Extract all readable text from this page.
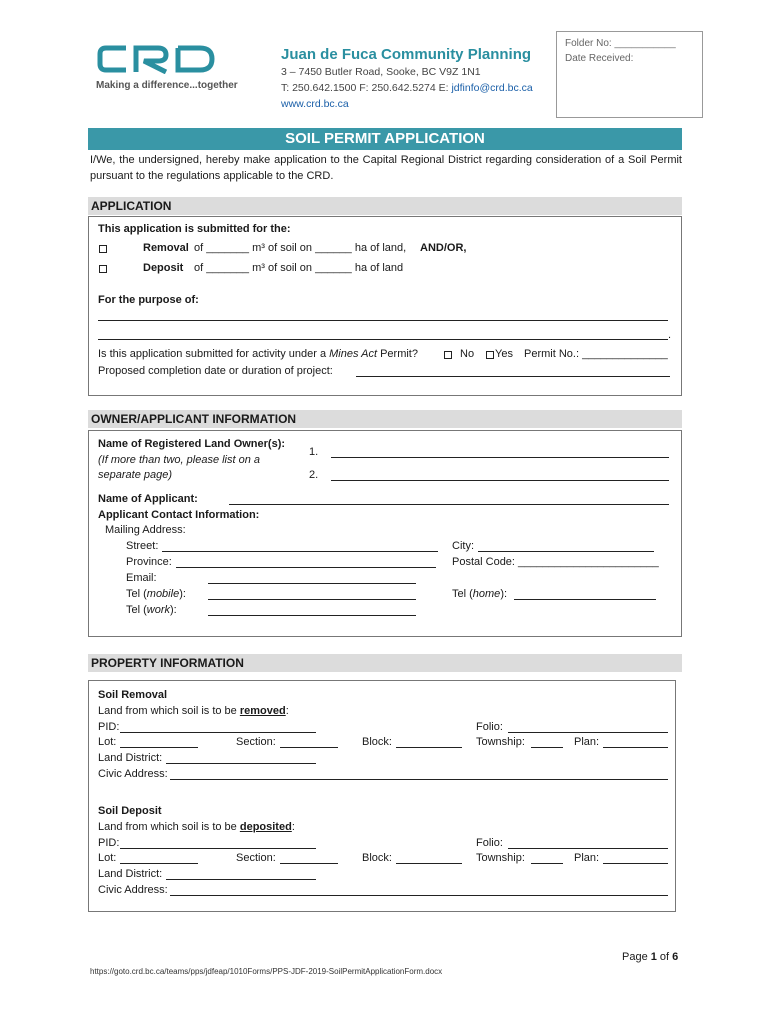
Making a difference...together
Juan de Fuca Community Planning
3 – 7450 Butler Road, Sooke, BC V9Z 1N1
T: 250.642.1500 F: 250.642.5274 E: jdfinfo@crd.bc.ca
www.crd.bc.ca
Folder No: ___________
Date Received:
SOIL PERMIT APPLICATION
I/We, the undersigned, hereby make application to the Capital Regional District regarding consideration of a Soil Permit pursuant to the regulations applicable to the CRD.
APPLICATION
This application is submitted for the:
Removal of _______ m³ of soil on ______ ha of land, AND/OR,
Deposit of _______ m³ of soil on ______ ha of land
For the purpose of:
.
Is this application submitted for activity under a Mines Act Permit?	No Yes Permit No.: ______________
Proposed completion date or duration of project:
OWNER/APPLICANT INFORMATION
Name of Registered Land Owner(s):
(If more than two, please list on a
separate page)
1.
2.
Name of Applicant:
Applicant Contact Information:
Mailing Address:
Street:	City:
Province:	Postal Code: _______________________
Email:
Tel (mobile):	Tel (home):
Tel (work):
PROPERTY INFORMATION
Soil Removal
Land from which soil is to be removed:
PID:	Folio:
Lot:	Section:	Block:	Township:	Plan:
Land District:
Civic Address:
Soil Deposit
Land from which soil is to be deposited:
PID:	Folio:
Lot:	Section:	Block:	Township:	Plan:
Land District:
Civic Address:
Page 1 of 6
https://goto.crd.bc.ca/teams/pps/jdfeap/1010Forms/PPS-JDF-2019-SoilPermitApplicationForm.docx
